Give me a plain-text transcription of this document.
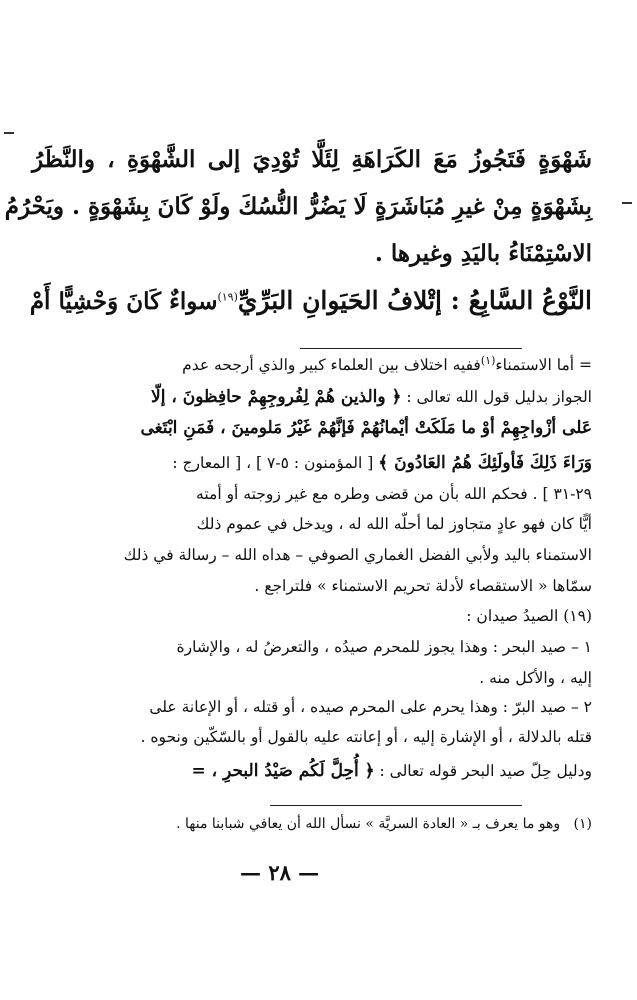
شَهْوَةٍ فَتَجُوزُ مَعَ الكَرَاهَةِ لِئَلَّا تُوْدِيَ إلى الشَّهْوَةِ ، والنَّظَرُ
بِشَهْوَةٍ مِنْ غيرِ مُبَاشَرَةٍ لَا يَضُرُّ النُّسُكَ ولَوْ كَانَ بِشَهْوَةٍ . ويَحْرُمُ
الاسْتِمْنَاءُ باليَدِ وغيرها .
النَّوْعُ السَّابِعُ : إتْلافُ الحَيَوانِ البَرِّيِّ$^{(١٩)}$سواءٌ كَانَ وَحْشِيًّا أَمْ
= أما الاستمناء$^{(١)}$ففيه اختلاف بين العلماء كبير والذي أرجحه عدم
الجواز بدليل قول الله تعالى : ﴿ والذين هُمْ لِفُروجِهِمْ حافِظونَ ، إلّا
عَلى أزْواجِهِمْ أوْ ما مَلَكَتْ أيْمانُهُمْ فَإنَّهُمْ غَيْرُ مَلومينَ ، فَمَنِ ابْتَغى
وَرَاءَ ذَلِكَ فَأولَئِكَ هُمُ العَادُونَ ﴾ [ المؤمنون : ٥-٧ ] ، [ المعارج :
٢٩-٣١ ] . فحكم الله بأن من قضى وطره مع غير زوجته أو أمته
أيًّا كان فهو عادٍ متجاوز لما أحلّه الله له ، ويدخل في عموم ذلك
الاستمناء باليد ولأبي الفضل الغماري الصوفي – هداه الله – رسالة في ذلك
سمّاها « الاستقصاء لأدلة تحريم الاستمناء » فلتراجع .
(١٩) الصيدُ صيدان :
١ – صيد البحر : وهذا يجوز للمحرم صيدُه ، والتعرضُ له ، والإشارة
إليه ، والأكل منه .
٢ – صيد البرّ : وهذا يحرم على المحرم صيده ، أو قتله ، أو الإعانة على
قتله بالدلالة ، أو الإشارة إليه ، أو إعانته عليه بالقول أو بالسّكّين ونحوه .
ودليل حِلّ صيد البحر قوله تعالى : ﴿ أُحِلَّ لَكُم صَيْدُ البحرِ ، =
(١)   وهو ما يعرف بـ « العادة السريَّة » نسأل الله أن يعافي شبابنا منها .
— ٢٨ —
